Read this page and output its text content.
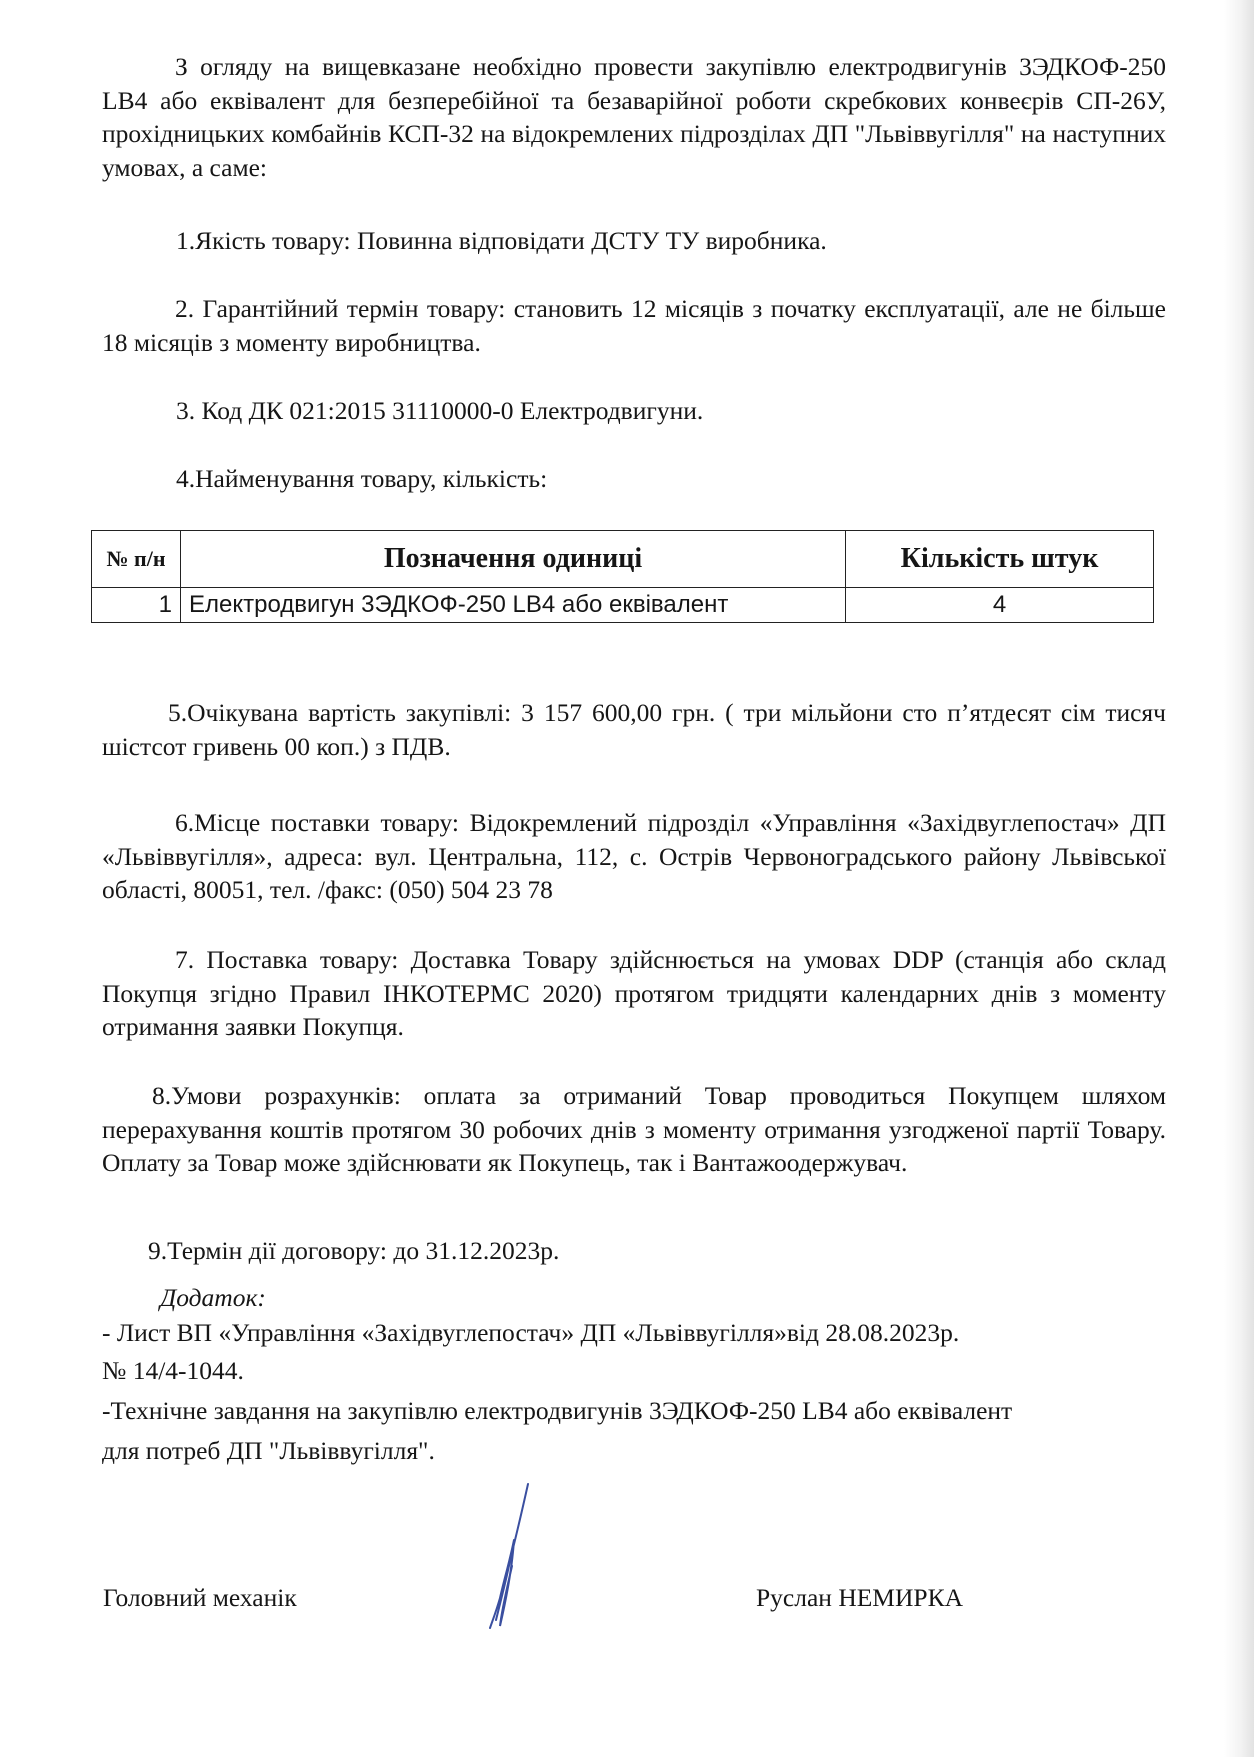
З огляду на вищевказане необхідно провести закупівлю електродвигунів 3ЭДКОФ-250 LB4 або еквівалент для безперебійної та безаварійної роботи скребкових конвеєрів СП-26У, прохідницьких комбайнів КСП-32 на відокремлених підрозділах ДП "Львіввугілля" на наступних умовах, а саме:

1.Якість товару: Повинна відповідати ДСТУ ТУ виробника.

2. Гарантійний термін товару: становить 12 місяців з початку експлуатації, але не більше 18 місяців з моменту виробництва.

3. Код ДК 021:2015 31110000-0 Електродвигуни.

4.Найменування товару, кількість:

№ п/н	Позначення одиниці	Кількість штук
1	Електродвигун 3ЭДКОФ-250 LB4 або еквівалент	4

5.Очікувана вартість закупівлі: 3 157 600,00 грн. ( три мільйони сто п’ятдесят сім тисяч шістсот гривень 00 коп.) з ПДВ.

6.Місце поставки товару: Відокремлений підрозділ «Управління «Західвуглепостач» ДП «Львіввугілля», адреса: вул. Центральна, 112, с. Острів Червоноградського району Львівської області, 80051, тел. /факс: (050) 504 23 78

7. Поставка товару: Доставка Товару здійснюється на умовах DDP (станція або склад Покупця згідно Правил ІНКОТЕРМС 2020) протягом тридцяти календарних днів з моменту отримання заявки Покупця.

8.Умови розрахунків: оплата за отриманий Товар проводиться Покупцем шляхом перерахування коштів протягом 30 робочих днів з моменту отримання узгодженої партії Товару. Оплату за Товар може здійснювати як Покупець, так і Вантажоодержувач.

9.Термін дії договору: до 31.12.2023р.

Додаток:

- Лист ВП «Управління «Західвуглепостач» ДП «Львіввугілля»від 28.08.2023р.

№ 14/4-1044.

-Технічне завдання на закупівлю електродвигунів 3ЭДКОФ-250 LB4 або еквівалент

для потреб ДП "Львіввугілля".

Головний механік	Руслан НЕМИРКА
